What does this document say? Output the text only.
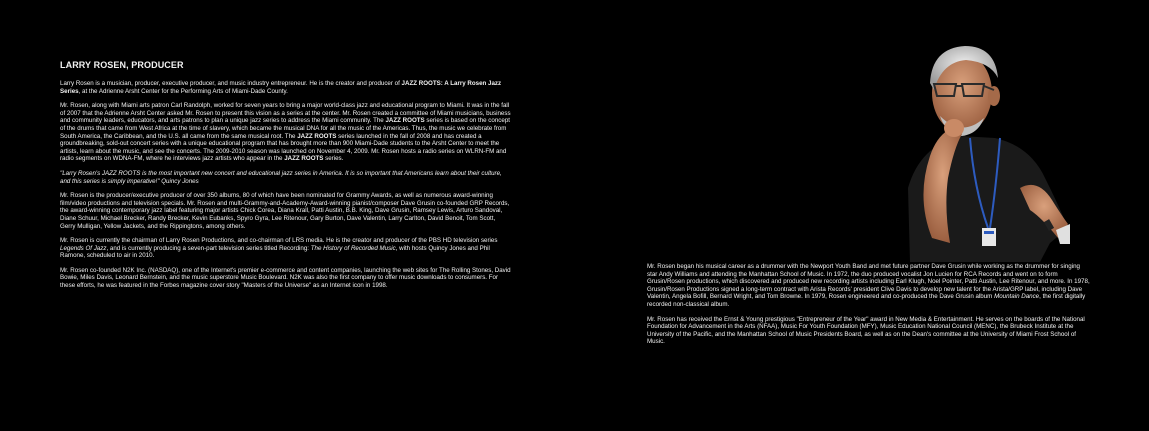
LARRY ROSEN, PRODUCER

Larry Rosen is a musician, producer, executive producer, and music industry entrepreneur. He is the creator and producer of JAZZ ROOTS: A Larry Rosen Jazz Series, at the Adrienne Arsht Center for the Performing Arts of Miami-Dade County.

Mr. Rosen, along with Miami arts patron Carl Randolph, worked for seven years to bring a major world-class jazz and educational program to Miami. It was in the fall of 2007 that the Adrienne Arsht Center asked Mr. Rosen to present this vision as a series at the center. Mr. Rosen created a committee of Miami musicians, business and community leaders, educators, and arts patrons to plan a unique jazz series to address the Miami community. The JAZZ ROOTS series is based on the concept of the drums that came from West Africa at the time of slavery, which became the musical DNA for all the music of the Americas. Thus, the music we celebrate from South America, the Caribbean, and the U.S. all came from the same musical root. The JAZZ ROOTS series launched in the fall of 2008 and has created a groundbreaking, sold-out concert series with a unique educational program that has brought more than 900 Miami-Dade students to the Arsht Center to meet the artists, learn about the music, and see the concerts. The 2009-2010 season was launched on November 4, 2009. Mr. Rosen hosts a radio series on WLRN-FM and radio segments on WDNA-FM, where he interviews jazz artists who appear in the JAZZ ROOTS series.

"Larry Rosen's JAZZ ROOTS is the most important new concert and educational jazz series in America. It is so important that Americans learn about their culture, and this series is simply imperative!" Quincy Jones

Mr. Rosen is the producer/executive producer of over 350 albums, 80 of which have been nominated for Grammy Awards, as well as numerous award-winning film/video productions and television specials. Mr. Rosen and multi-Grammy-and-Academy-Award-winning pianist/composer Dave Grusin co-founded GRP Records, the award-winning contemporary jazz label featuring major artists Chick Corea, Diana Krall, Patti Austin, B.B. King, Dave Grusin, Ramsey Lewis, Arturo Sandoval, Diane Schuur, Michael Brecker, Randy Brecker, Kevin Eubanks, Spyro Gyra, Lee Ritenour, Gary Burton, Dave Valentin, Larry Carlton, David Benoit, Tom Scott, Gerry Mulligan, Yellow Jackets, and the Rippingtons, among others.

Mr. Rosen is currently the chairman of Larry Rosen Productions, and co-chairman of LRS media. He is the creator and producer of the PBS HD television series Legends Of Jazz, and is currently producing a seven-part television series titled Recording: The History of Recorded Music, with hosts Quincy Jones and Phil Ramone, scheduled to air in 2010.

Mr. Rosen co-founded N2K Inc. (NASDAQ), one of the Internet's premier e-commerce and content companies, launching the web sites for The Rolling Stones, David Bowie, Miles Davis, Leonard Bernstein, and the music superstore Music Boulevard. N2K was also the first company to offer music downloads to consumers. For these efforts, he was featured in the Forbes magazine cover story "Masters of the Universe" as an Internet icon in 1998.

Mr. Rosen began his musical career as a drummer with the Newport Youth Band and met future partner Dave Grusin while working as the drummer for singing star Andy Williams and attending the Manhattan School of Music. In 1972, the duo produced vocalist Jon Lucien for RCA Records and went on to form Grusin/Rosen productions, which discovered and produced new recording artists including Earl Klugh, Noel Pointer, Patti Austin, Lee Ritenour, and more. In 1978, Grusin/Rosen Productions signed a long-term contract with Arista Records' president Clive Davis to develop new talent for the Arista/GRP label, including Dave Valentin, Angela Bofill, Bernard Wright, and Tom Browne. In 1979, Rosen engineered and co-produced the Dave Grusin album Mountain Dance, the first digitally recorded non-classical album.

Mr. Rosen has received the Ernst & Young prestigious "Entrepreneur of the Year" award in New Media & Entertainment. He serves on the boards of the National Foundation for Advancement in the Arts (NFAA), Music For Youth Foundation (MFY), Music Education National Council (MENC), the Brubeck Institute at the University of the Pacific, and the Manhattan School of Music Presidents Board, as well as on the Dean's committee at the University of Miami Frost School of Music.
